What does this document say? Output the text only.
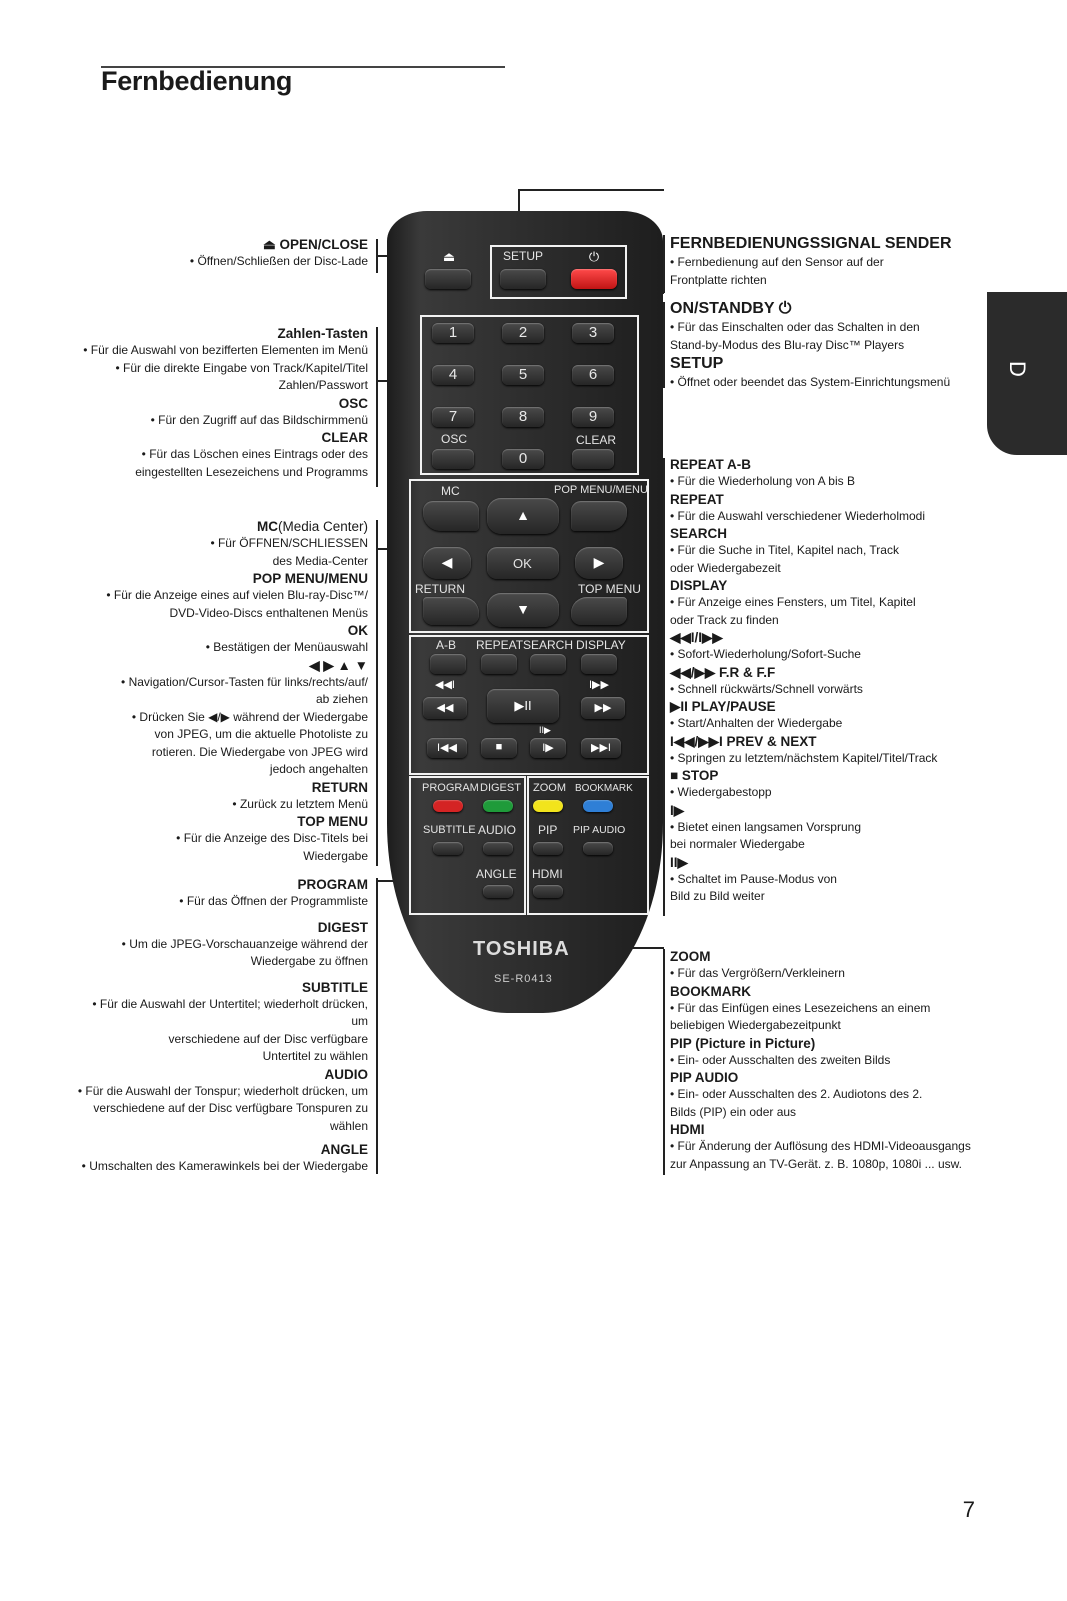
Fernbedienung
D
7
⏏ OPEN/CLOSE
• Öffnen/Schließen der Disc-Lade
Zahlen-Tasten
• Für die Auswahl von bezifferten Elementen im Menü
• Für die direkte Eingabe von Track/Kapitel/Titel
Zahlen/Passwort
OSC
• Für den Zugriff auf das Bildschirmmenü
CLEAR
• Für das Löschen eines Eintrags oder des
eingestellten Lesezeichens und Programms
MC(Media Center)
• Für ÖFFNEN/SCHLIESSEN
des Media-Center
POP MENU/MENU
• Für die Anzeige eines auf vielen Blu-ray-Disc™/
DVD-Video-Discs enthaltenen Menüs
OK
• Bestätigen der Menüauswahl
◀ ▶ ▲ ▼
• Navigation/Cursor-Tasten für links/rechts/auf/
ab ziehen
• Drücken Sie ◀/▶ während der Wiedergabe
von JPEG, um die aktuelle Photoliste zu
rotieren. Die Wiedergabe von JPEG wird
jedoch angehalten
RETURN
• Zurück zu letztem Menü
TOP MENU
• Für die Anzeige des Disc-Titels bei
Wiedergabe
PROGRAM
• Für das Öffnen der Programmliste
DIGEST
• Um die JPEG-Vorschauanzeige während der
Wiedergabe zu öffnen
SUBTITLE
• Für die Auswahl der Untertitel; wiederholt drücken, um
verschiedene auf der Disc verfügbare
Untertitel zu wählen
AUDIO
• Für die Auswahl der Tonspur; wiederholt drücken, um
verschiedene auf der Disc verfügbare Tonspuren zu
wählen
ANGLE
• Umschalten des Kamerawinkels bei der Wiedergabe
FERNBEDIENUNGSSIGNAL SENDER
• Fernbedienung auf den Sensor auf der
Frontplatte richten
ON/STANDBY ⏻
• Für das Einschalten oder das Schalten in den
Stand-by-Modus des Blu-ray Disc™ Players
SETUP
• Öffnet oder beendet das System-Einrichtungsmenü
REPEAT A-B
• Für die Wiederholung von A bis B
REPEAT
• Für die Auswahl verschiedener Wiederholmodi
SEARCH
• Für die Suche in Titel, Kapitel nach, Track
oder Wiedergabezeit
DISPLAY
• Für Anzeige eines Fensters, um Titel, Kapitel
oder Track zu finden
◀◀I/I▶▶
• Sofort-Wiederholung/Sofort-Suche
◀◀/▶▶ F.R & F.F
• Schnell rückwärts/Schnell vorwärts
▶II PLAY/PAUSE
• Start/Anhalten der Wiedergabe
I◀◀/▶▶I PREV & NEXT
• Springen zu letztem/nächstem Kapitel/Titel/Track
■ STOP
• Wiedergabestopp
I▶
• Bietet einen langsamen Vorsprung
bei normaler Wiedergabe
II▶
• Schaltet im Pause-Modus von
Bild zu Bild weiter
ZOOM
• Für das Vergrößern/Verkleinern
BOOKMARK
• Für das Einfügen eines Lesezeichens an einem
beliebigen Wiedergabezeitpunkt
PIP (Picture in Picture)
• Ein- oder Ausschalten des zweiten Bilds
PIP AUDIO
• Ein- oder Ausschalten des 2. Audiotons des 2.
Bilds (PIP) ein oder aus
HDMI
• Für Änderung der Auflösung des HDMI-Videoausgangs
zur Anpassung an TV-Gerät. z. B. 1080p, 1080i ... usw.
⏏	SETUP	⏻
1	2	3
4	5	6
7	8	9
OSC	CLEAR
0
MC	POP MENU/MENU
▲
◀	OK	▶
RETURN	TOP MENU
▼
A-B REPEAT SEARCH DISPLAY
◀◀I	I▶▶
◀◀	▶II	▶▶
II▶
I◀◀	■	I▶	▶▶I
PROGRAM DIGEST ZOOM BOOKMARK
SUBTITLE AUDIO PIP PIP AUDIO
ANGLE HDMI
TOSHIBA
SE-R0413
